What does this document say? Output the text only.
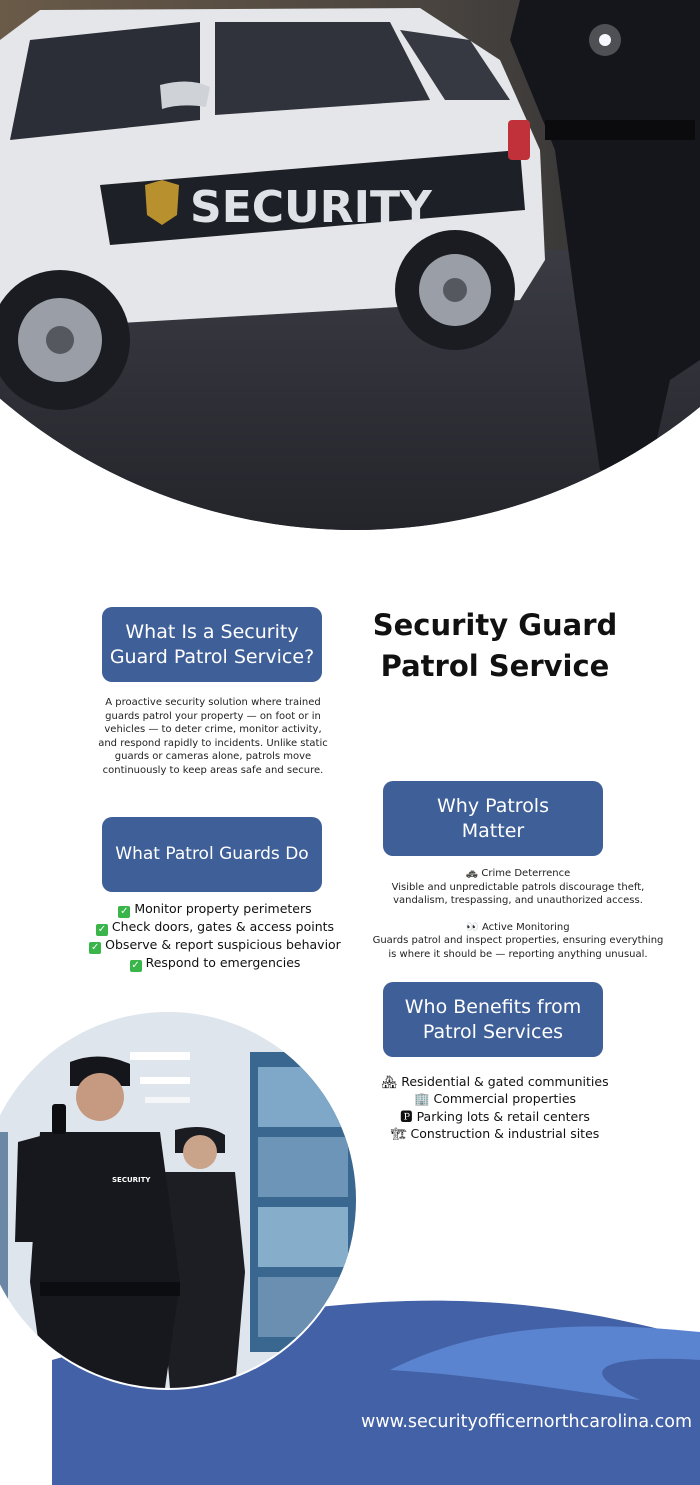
SECURITY
Security Guard
Patrol Service
What Is a Security
Guard Patrol Service?
A proactive security solution where trained
guards patrol your property — on foot or in
vehicles — to deter crime, monitor activity,
and respond rapidly to incidents. Unlike static
guards or cameras alone, patrols move
continuously to keep areas safe and secure.
What Patrol Guards Do
✓ Monitor property perimeters
✓ Check doors, gates & access points
✓ Observe & report suspicious behavior
✓ Respond to emergencies
Why Patrols
Matter
🚓 Crime Deterrence
Visible and unpredictable patrols discourage theft,
vandalism, trespassing, and unauthorized access.
👀 Active Monitoring
Guards patrol and inspect properties, ensuring everything
is where it should be — reporting anything unusual.
Who Benefits from
Patrol Services
🏘 Residential & gated communities
🏢 Commercial properties
🅿 Parking lots & retail centers
🏗 Construction & industrial sites
SECURITY
www.securityofficernorthcarolina.com
